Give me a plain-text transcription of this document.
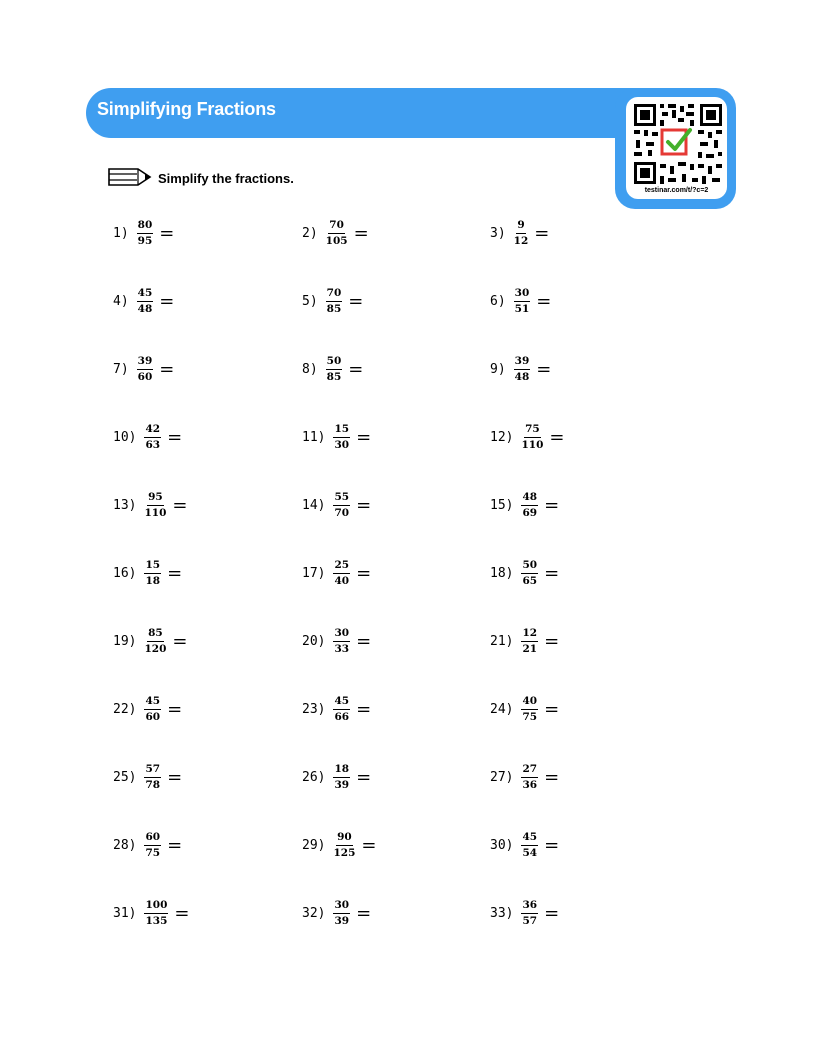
Simplifying Fractions
testinar.com/t/?c=2
Simplify the fractions.
$1) \frac{80}{95}$ =	$2) \frac{70}{105}$ =	$3) \frac{9}{12}$ =
$4) \frac{45}{48}$ =	$5) \frac{70}{85}$ =	$6) \frac{30}{51}$ =
$7) \frac{39}{60}$ =	$8) \frac{50}{85}$ =	$9) \frac{39}{48}$ =
$10) \frac{42}{63}$ =	$11) \frac{15}{30}$ =	$12) \frac{75}{110}$ =
$13) \frac{95}{110}$ =	$14) \frac{55}{70}$ =	$15) \frac{48}{69}$ =
$16) \frac{15}{18}$ =	$17) \frac{25}{40}$ =	$18) \frac{50}{65}$ =
$19) \frac{85}{120}$ =	$20) \frac{30}{33}$ =	$21) \frac{12}{21}$ =
$22) \frac{45}{60}$ =	$23) \frac{45}{66}$ =	$24) \frac{40}{75}$ =
$25) \frac{57}{78}$ =	$26) \frac{18}{39}$ =	$27) \frac{27}{36}$ =
$28) \frac{60}{75}$ =	$29) \frac{90}{125}$ =	$30) \frac{45}{54}$ =
$31) \frac{100}{135}$ =	$32) \frac{30}{39}$ =	$33) \frac{36}{57}$ =
